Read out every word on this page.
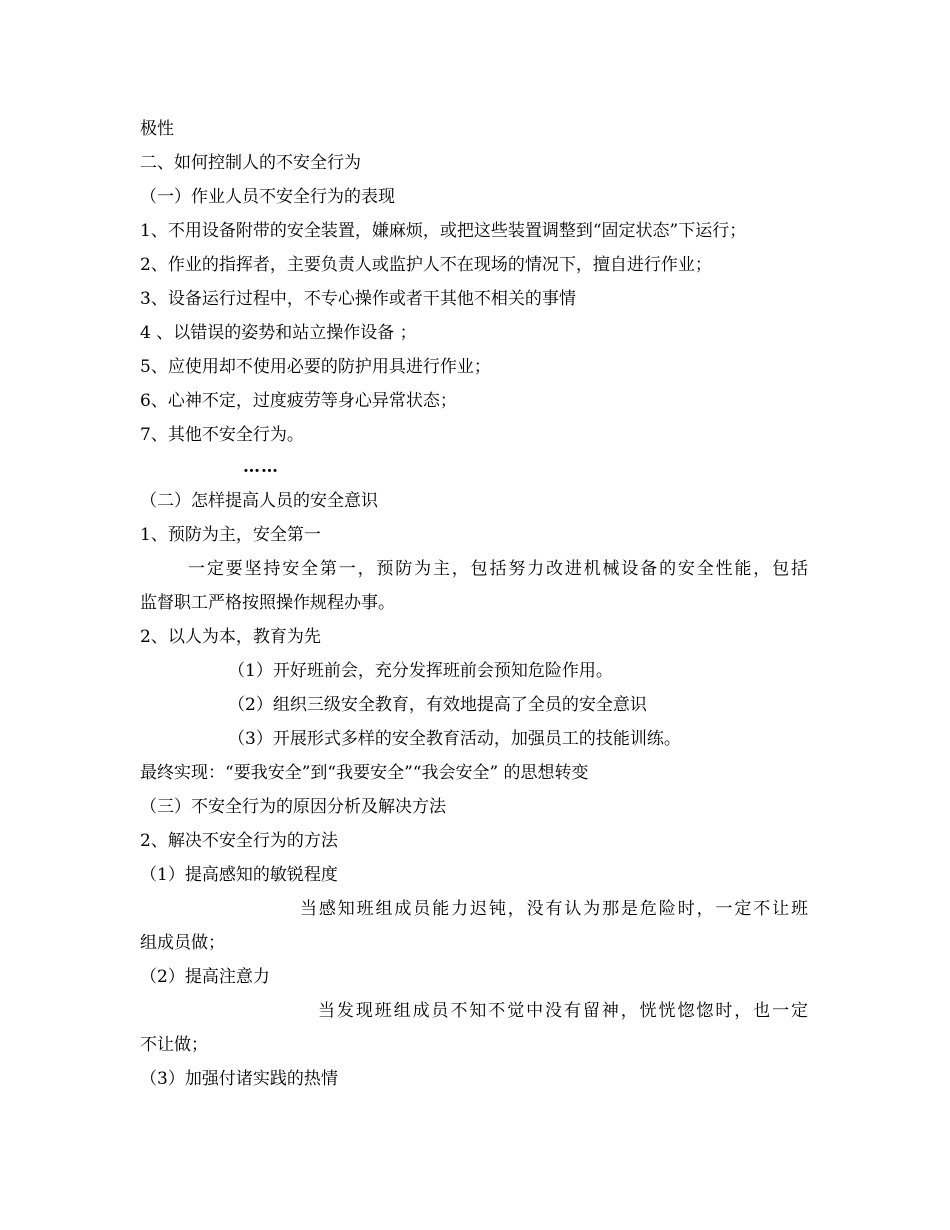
极性
二、如何控制人的不安全行为
（一）作业人员不安全行为的表现
1、不用设备附带的安全装置，嫌麻烦，或把这些装置调整到“固定状态”下运行；
2、作业的指挥者，主要负责人或监护人不在现场的情况下，擅自进行作业；
3、设备运行过程中，不专心操作或者干其他不相关的事情
4 、以错误的姿势和站立操作设备 ；
5、应使用却不使用必要的防护用具进行作业；
6、心神不定，过度疲劳等身心异常状态；
7、其他不安全行为。
……
（二）怎样提高人员的安全意识
1、预防为主，安全第一
一定要坚持安全第一，预防为主，包括努力改进机械设备的安全性能，包括
监督职工严格按照操作规程办事。
2、以人为本，教育为先
（1）开好班前会，充分发挥班前会预知危险作用。
（2）组织三级安全教育，有效地提高了全员的安全意识
（3）开展形式多样的安全教育活动，加强员工的技能训练。
最终实现：“要我安全”到“我要安全”“我会安全” 的思想转变
（三）不安全行为的原因分析及解决方法
2、解决不安全行为的方法
（1）提高感知的敏锐程度
当感知班组成员能力迟钝，没有认为那是危险时，一定不让班
组成员做；
（2）提高注意力
当发现班组成员不知不觉中没有留神，恍恍惚惚时，也一定
不让做；
（3）加强付诸实践的热情
